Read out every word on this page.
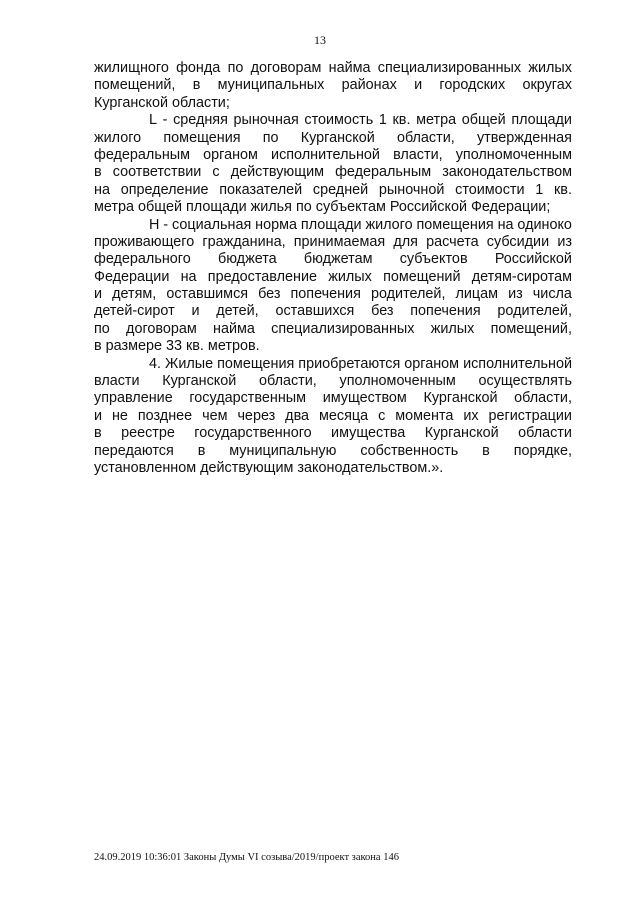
13
жилищного фонда по договорам найма специализированных жилых
помещений, в муниципальных районах и городских округах
Курганской области;
L - средняя рыночная стоимость 1 кв. метра общей площади
жилого помещения по Курганской области, утвержденная
федеральным органом исполнительной власти, уполномоченным
в соответствии с действующим федеральным законодательством
на определение показателей средней рыночной стоимости 1 кв.
метра общей площади жилья по субъектам Российской Федерации;
Н - социальная норма площади жилого помещения на одиноко
проживающего гражданина, принимаемая для расчета субсидии из
федерального бюджета бюджетам субъектов Российской
Федерации на предоставление жилых помещений детям-сиротам
и детям, оставшимся без попечения родителей, лицам из числа
детей-сирот и детей, оставшихся без попечения родителей,
по договорам найма специализированных жилых помещений,
в размере 33 кв. метров.
4. Жилые помещения приобретаются органом исполнительной
власти Курганской области, уполномоченным осуществлять
управление государственным имуществом Курганской области,
и не позднее чем через два месяца с момента их регистрации
в реестре государственного имущества Курганской области
передаются в муниципальную собственность в порядке,
установленном действующим законодательством.».
24.09.2019 10:36:01 Законы Думы VI созыва/2019/проект закона 146
